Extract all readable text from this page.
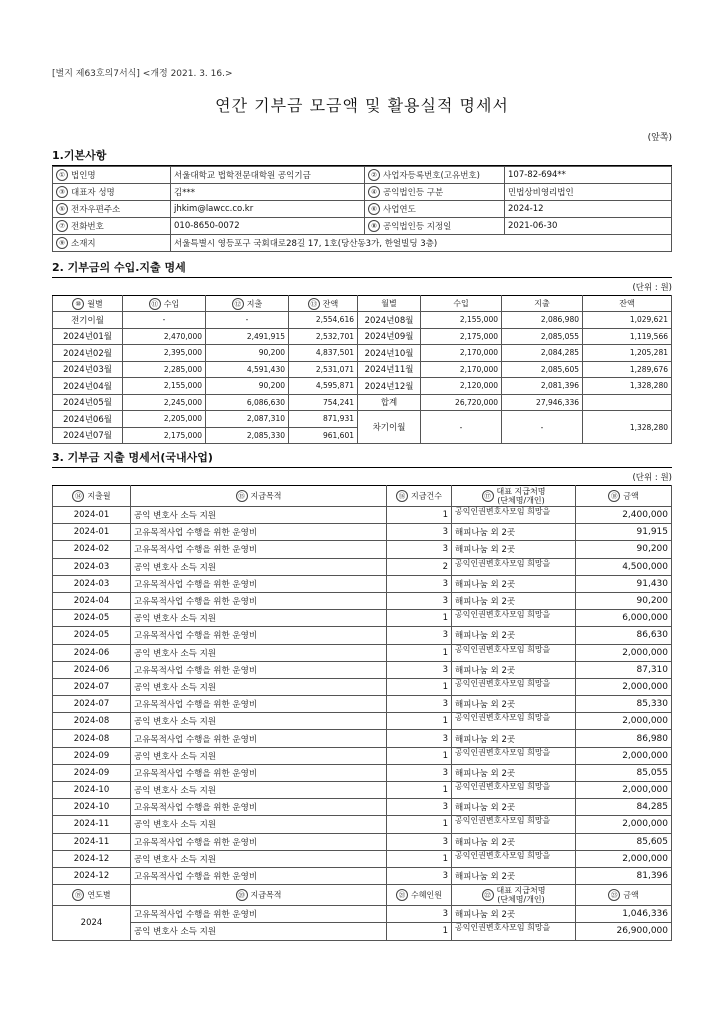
[별지 제63호의7서식] <개정 2021. 3. 16.>
연간 기부금 모금액 및 활용실적 명세서
(앞쪽)
1.기본사항
① 법인명	서울대학교 법학전문대학원 공익기금	② 사업자등록번호(고유번호)	107-82-694**
③ 대표자 성명	김***	④ 공익법인등 구분	민법상비영리법인
⑤ 전자우편주소	jhkim@lawcc.co.kr	⑥ 사업연도	2024-12
⑦ 전화번호	010-8650-0072	⑧ 공익법인등 지정일	2021-06-30
⑨ 소재지	서울특별시 영등포구 국회대로28길 17, 1호(당산동3가, 한얼빌딩 3층)		
2. 기부금의 수입.지출 명세
(단위 : 원)
⑩ 월별	⑪ 수입	⑫ 지출	⑬ 잔액	월별	수입	지출	잔액
전기이월	-	-	2,554,616	2024년08월	2,155,000	2,086,980	1,029,621
2024년01월	2,470,000	2,491,915	2,532,701	2024년09월	2,175,000	2,085,055	1,119,566
2024년02월	2,395,000	90,200	4,837,501	2024년10월	2,170,000	2,084,285	1,205,281
2024년03월	2,285,000	4,591,430	2,531,071	2024년11월	2,170,000	2,085,605	1,289,676
2024년04월	2,155,000	90,200	4,595,871	2024년12월	2,120,000	2,081,396	1,328,280
2024년05월	2,245,000	6,086,630	754,241	합계	26,720,000	27,946,336	
2024년06월	2,205,000	2,087,310	871,931	차기이월	-	-	1,328,280
2024년07월	2,175,000	2,085,330	961,601				
3. 기부금 지출 명세서(국내사업)
(단위 : 원)
⑭ 지출월	⑮ 지급목적	⑯ 지급건수	⑰ 대표 지급처명
(단체명/개인)	⑱ 금액
2024-01	공익 변호사 소득 지원	1	공익인권변호사모임 희망을	2,400,000
2024-01	고유목적사업 수행을 위한 운영비	3	해피나눔 외 2곳	91,915
2024-02	고유목적사업 수행을 위한 운영비	3	해피나눔 외 2곳	90,200
2024-03	공익 변호사 소득 지원	2	공익인권변호사모임 희망을	4,500,000
2024-03	고유목적사업 수행을 위한 운영비	3	해피나눔 외 2곳	91,430
2024-04	고유목적사업 수행을 위한 운영비	3	해피나눔 외 2곳	90,200
2024-05	공익 변호사 소득 지원	1	공익인권변호사모임 희망을	6,000,000
2024-05	고유목적사업 수행을 위한 운영비	3	해피나눔 외 2곳	86,630
2024-06	공익 변호사 소득 지원	1	공익인권변호사모임 희망을	2,000,000
2024-06	고유목적사업 수행을 위한 운영비	3	해피나눔 외 2곳	87,310
2024-07	공익 변호사 소득 지원	1	공익인권변호사모임 희망을	2,000,000
2024-07	고유목적사업 수행을 위한 운영비	3	해피나눔 외 2곳	85,330
2024-08	공익 변호사 소득 지원	1	공익인권변호사모임 희망을	2,000,000
2024-08	고유목적사업 수행을 위한 운영비	3	해피나눔 외 2곳	86,980
2024-09	공익 변호사 소득 지원	1	공익인권변호사모임 희망을	2,000,000
2024-09	고유목적사업 수행을 위한 운영비	3	해피나눔 외 2곳	85,055
2024-10	공익 변호사 소득 지원	1	공익인권변호사모임 희망을	2,000,000
2024-10	고유목적사업 수행을 위한 운영비	3	해피나눔 외 2곳	84,285
2024-11	공익 변호사 소득 지원	1	공익인권변호사모임 희망을	2,000,000
2024-11	고유목적사업 수행을 위한 운영비	3	해피나눔 외 2곳	85,605
2024-12	공익 변호사 소득 지원	1	공익인권변호사모임 희망을	2,000,000
2024-12	고유목적사업 수행을 위한 운영비	3	해피나눔 외 2곳	81,396
⑲ 연도별	⑳ 지급목적	㉑ 수혜인원	㉒ 대표 지급처명
(단체명/개인)	㉓ 금액
2024	고유목적사업 수행을 위한 운영비	3	해피나눔 외 2곳	1,046,336
	공익 변호사 소득 지원	1	공익인권변호사모임 희망을	26,900,000
